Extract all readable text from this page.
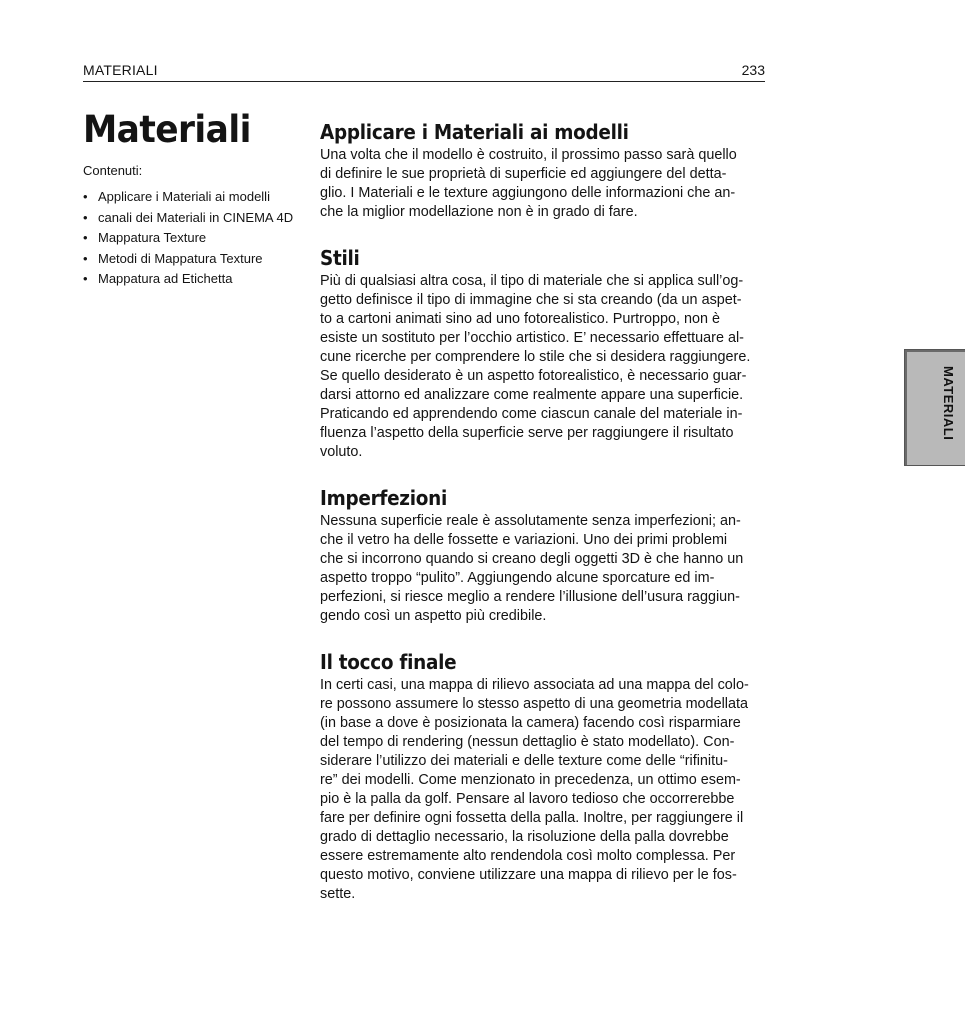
MATERIALI	233
Materiali
Contenuti:
• Applicare i Materiali ai modelli
• canali dei Materiali in CINEMA 4D
• Mappatura Texture
• Metodi di Mappatura Texture
• Mappatura ad Etichetta
Applicare i Materiali ai modelli

Una volta che il modello è costruito, il prossimo passo sarà quello
di definire le sue proprietà di superficie ed aggiungere del detta-
glio. I Materiali e le texture aggiungono delle informazioni che an-
che la miglior modellazione non è in grado di fare.

Stili

Più di qualsiasi altra cosa, il tipo di materiale che si applica sull’og-
getto definisce il tipo di immagine che si sta creando (da un aspet-
to a cartoni animati sino ad uno fotorealistico. Purtroppo, non è
esiste un sostituto per l’occhio artistico. E’ necessario effettuare al-
cune ricerche per comprendere lo stile che si desidera raggiungere.
Se quello desiderato è un aspetto fotorealistico, è necessario guar-
darsi attorno ed analizzare come realmente appare una superficie.
Praticando ed apprendendo come ciascun canale del materiale in-
fluenza l’aspetto della superficie serve per raggiungere il risultato
voluto.

Imperfezioni

Nessuna superficie reale è assolutamente senza imperfezioni; an-
che il vetro ha delle fossette e variazioni. Uno dei primi problemi
che si incorrono quando si creano degli oggetti 3D è che hanno un
aspetto troppo “pulito”. Aggiungendo alcune sporcature ed im-
perfezioni, si riesce meglio a rendere l’illusione dell’usura raggiun-
gendo così un aspetto più credibile.

Il tocco finale

In certi casi, una mappa di rilievo associata ad una mappa del colo-
re possono assumere lo stesso aspetto di una geometria modellata
(in base a dove è posizionata la camera) facendo così risparmiare
del tempo di rendering (nessun dettaglio è stato modellato). Con-
siderare l’utilizzo dei materiali e delle texture come delle “rifinitu-
re” dei modelli. Come menzionato in precedenza, un ottimo esem-
pio è la palla da golf. Pensare al lavoro tedioso che occorrerebbe
fare per definire ogni fossetta della palla. Inoltre, per raggiungere il
grado di dettaglio necessario, la risoluzione della palla dovrebbe
essere estremamente alto rendendola così molto complessa. Per
questo motivo, conviene utilizzare una mappa di rilievo per le fos-
sette.

MATERIALI
